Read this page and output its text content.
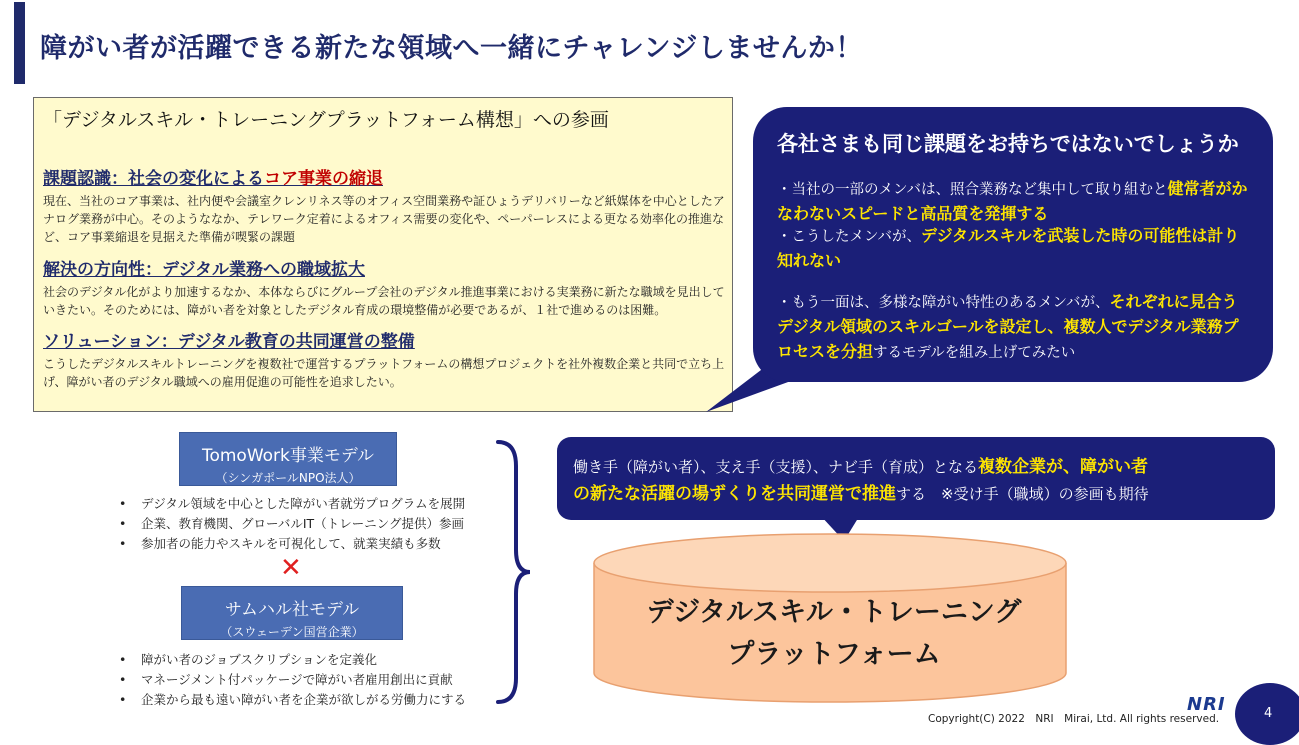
障がい者が活躍できる新たな領域へ一緒にチャレンジしませんか！
「デジタルスキル・トレーニングプラットフォーム構想」への参画
課題認識：社会の変化によるコア事業の縮退
現在、当社のコア事業は、社内便や会議室クレンリネス等のオフィス空間業務や証ひょうデリバリーなど紙媒体を中心としたアナログ業務が中心。そのようななか、テレワーク定着によるオフィス需要の変化や、ペーパーレスによる更なる効率化の推進など、コア事業縮退を見据えた準備が喫緊の課題
解決の方向性：デジタル業務への職域拡大
社会のデジタル化がより加速するなか、本体ならびにグループ会社のデジタル推進事業における実業務に新たな職域を見出していきたい。そのためには、障がい者を対象としたデジタル育成の環境整備が必要であるが、１社で進めるのは困難。
ソリューション：デジタル教育の共同運営の整備
こうしたデジタルスキルトレーニングを複数社で運営するプラットフォームの構想プロジェクトを社外複数企業と共同で立ち上げ、障がい者のデジタル職域への雇用促進の可能性を追求したい。
各社さまも同じ課題をお持ちではないでしょうか
・当社の一部のメンバは、照合業務など集中して取り組むと健常者がかなわないスピードと高品質を発揮する
・こうしたメンバが、デジタルスキルを武装した時の可能性は計り知れない
・もう一面は、多様な障がい特性のあるメンバが、それぞれに見合うデジタル領域のスキルゴールを設定し、複数人でデジタル業務プロセスを分担するモデルを組み上げてみたい
TomoWork事業モデル
（シンガポールNPO法人）
• デジタル領域を中心とした障がい者就労プログラムを展開
• 企業、教育機関、グローバルIT（トレーニング提供）参画
• 参加者の能力やスキルを可視化して、就業実績も多数
✕
サムハル社モデル
（スウェーデン国営企業）
• 障がい者のジョブスクリプションを定義化
• マネージメント付パッケージで障がい者雇用創出に貢献
• 企業から最も遠い障がい者を企業が欲しがる労働力にする
働き手（障がい者）、支え手（支援）、ナビ手（育成）となる複数企業が、障がい者
の新たな活躍の場ずくりを共同運営で推進する　※受け手（職域）の参画も期待
デジタルスキル・トレーニング
プラットフォーム
Copyright(C) 2022　NRI　Mirai, Ltd. All rights reserved.
NRI	4
